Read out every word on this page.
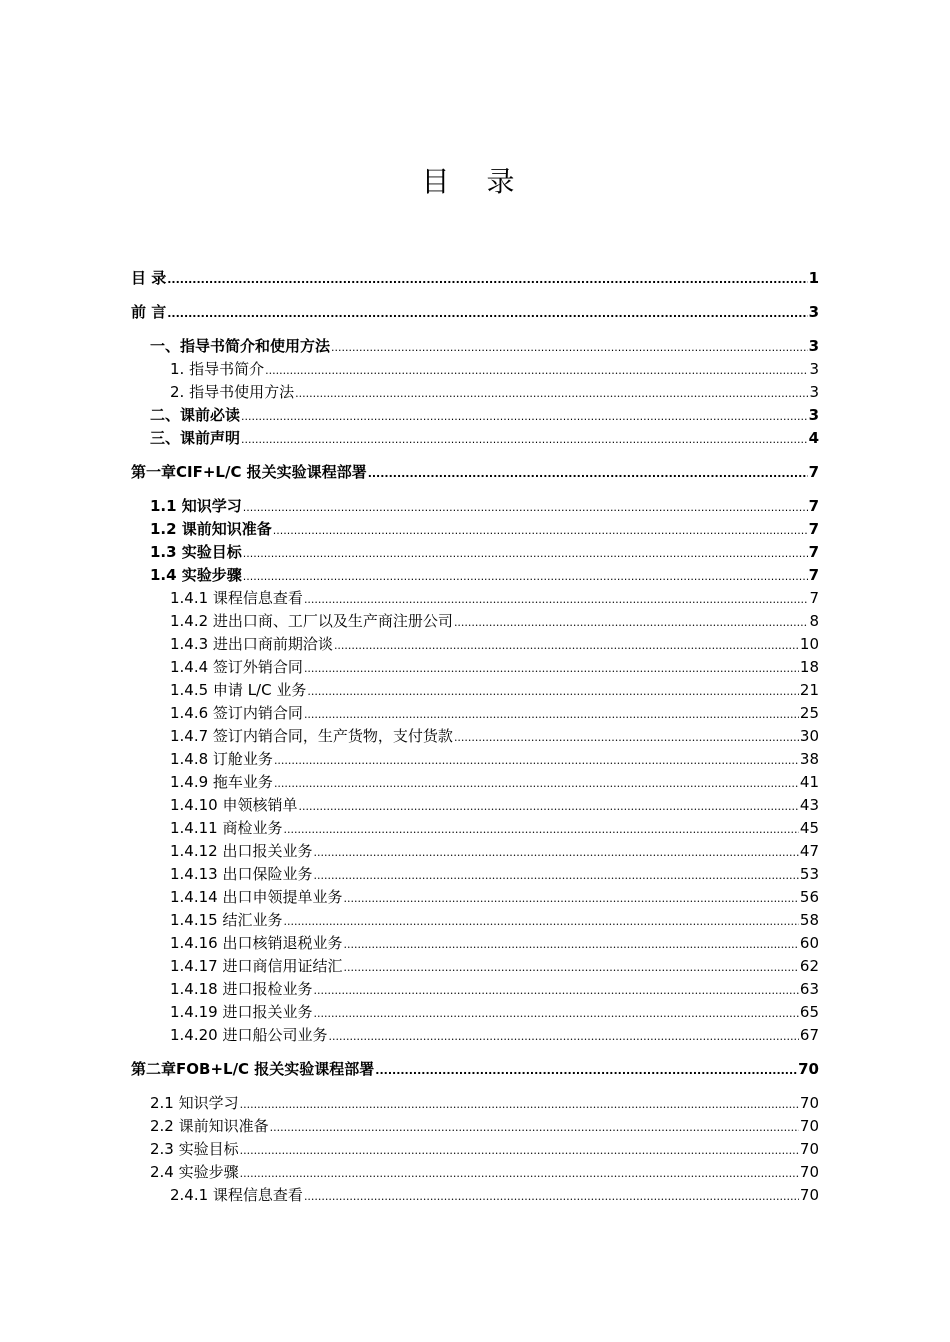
目 录
目 录 .....	1
前 言 .....	3
一、指导书简介和使用方法 .....	3
1. 指导书简介 .....	3
2. 指导书使用方法 .....	3
二、课前必读 .....	3
三、课前声明 .....	4
第一章 CIF+L/C 报关实验课程部署 .....	7
1.1 知识学习 .....	7
1.2 课前知识准备 .....	7
1.3 实验目标 .....	7
1.4 实验步骤 .....	7
1.4.1 课程信息查看 .....	7
1.4.2 进出口商、工厂以及生产商注册公司 .....	8
1.4.3 进出口商前期洽谈 .....	10
1.4.4 签订外销合同 .....	18
1.4.5 申请 L/C 业务 .....	21
1.4.6 签订内销合同 .....	25
1.4.7 签订内销合同，生产货物，支付货款 .....	30
1.4.8 订舱业务 .....	38
1.4.9 拖车业务 .....	41
1.4.10 申领核销单 .....	43
1.4.11 商检业务 .....	45
1.4.12 出口报关业务 .....	47
1.4.13 出口保险业务 .....	53
1.4.14 出口申领提单业务 .....	56
1.4.15 结汇业务 .....	58
1.4.16 出口核销退税业务 .....	60
1.4.17 进口商信用证结汇 .....	62
1.4.18 进口报检业务 .....	63
1.4.19 进口报关业务 .....	65
1.4.20 进口船公司业务 .....	67
第二章 FOB+L/C 报关实验课程部署 .....	70
2.1 知识学习 .....	70
2.2 课前知识准备 .....	70
2.3 实验目标 .....	70
2.4 实验步骤 .....	70
2.4.1 课程信息查看 .....	70
